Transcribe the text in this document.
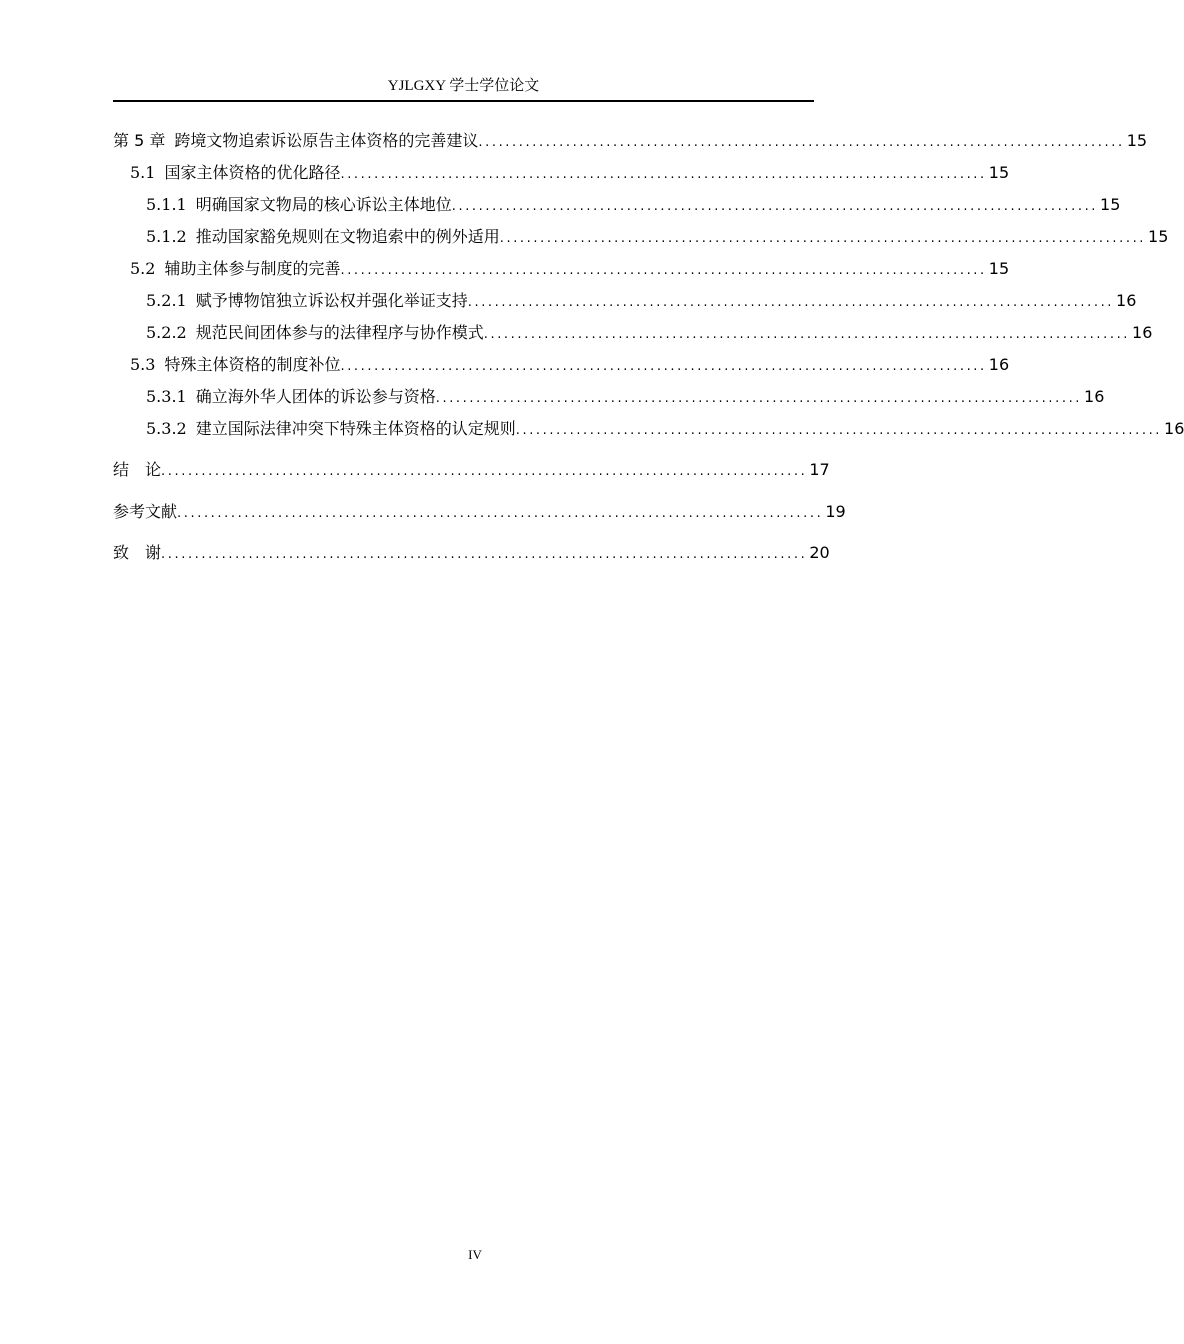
YJLGXY 学士学位论文
第 5 章 跨境文物追索诉讼原告主体资格的完善建议 ................................................................................................ 15
5.1 国家主体资格的优化路径 ................................................................................................ 15
5.1.1 明确国家文物局的核心诉讼主体地位 ................................................................................................ 15
5.1.2 推动国家豁免规则在文物追索中的例外适用 ................................................................................................ 15
5.2 辅助主体参与制度的完善 ................................................................................................ 15
5.2.1 赋予博物馆独立诉讼权并强化举证支持 ................................................................................................ 16
5.2.2 规范民间团体参与的法律程序与协作模式 ................................................................................................ 16
5.3 特殊主体资格的制度补位 ................................................................................................ 16
5.3.1 确立海外华人团体的诉讼参与资格 ................................................................................................ 16
5.3.2 建立国际法律冲突下特殊主体资格的认定规则 ................................................................................................ 16
结　论 ................................................................................................ 17
参考文献 ................................................................................................ 19
致　谢 ................................................................................................ 20
IV
